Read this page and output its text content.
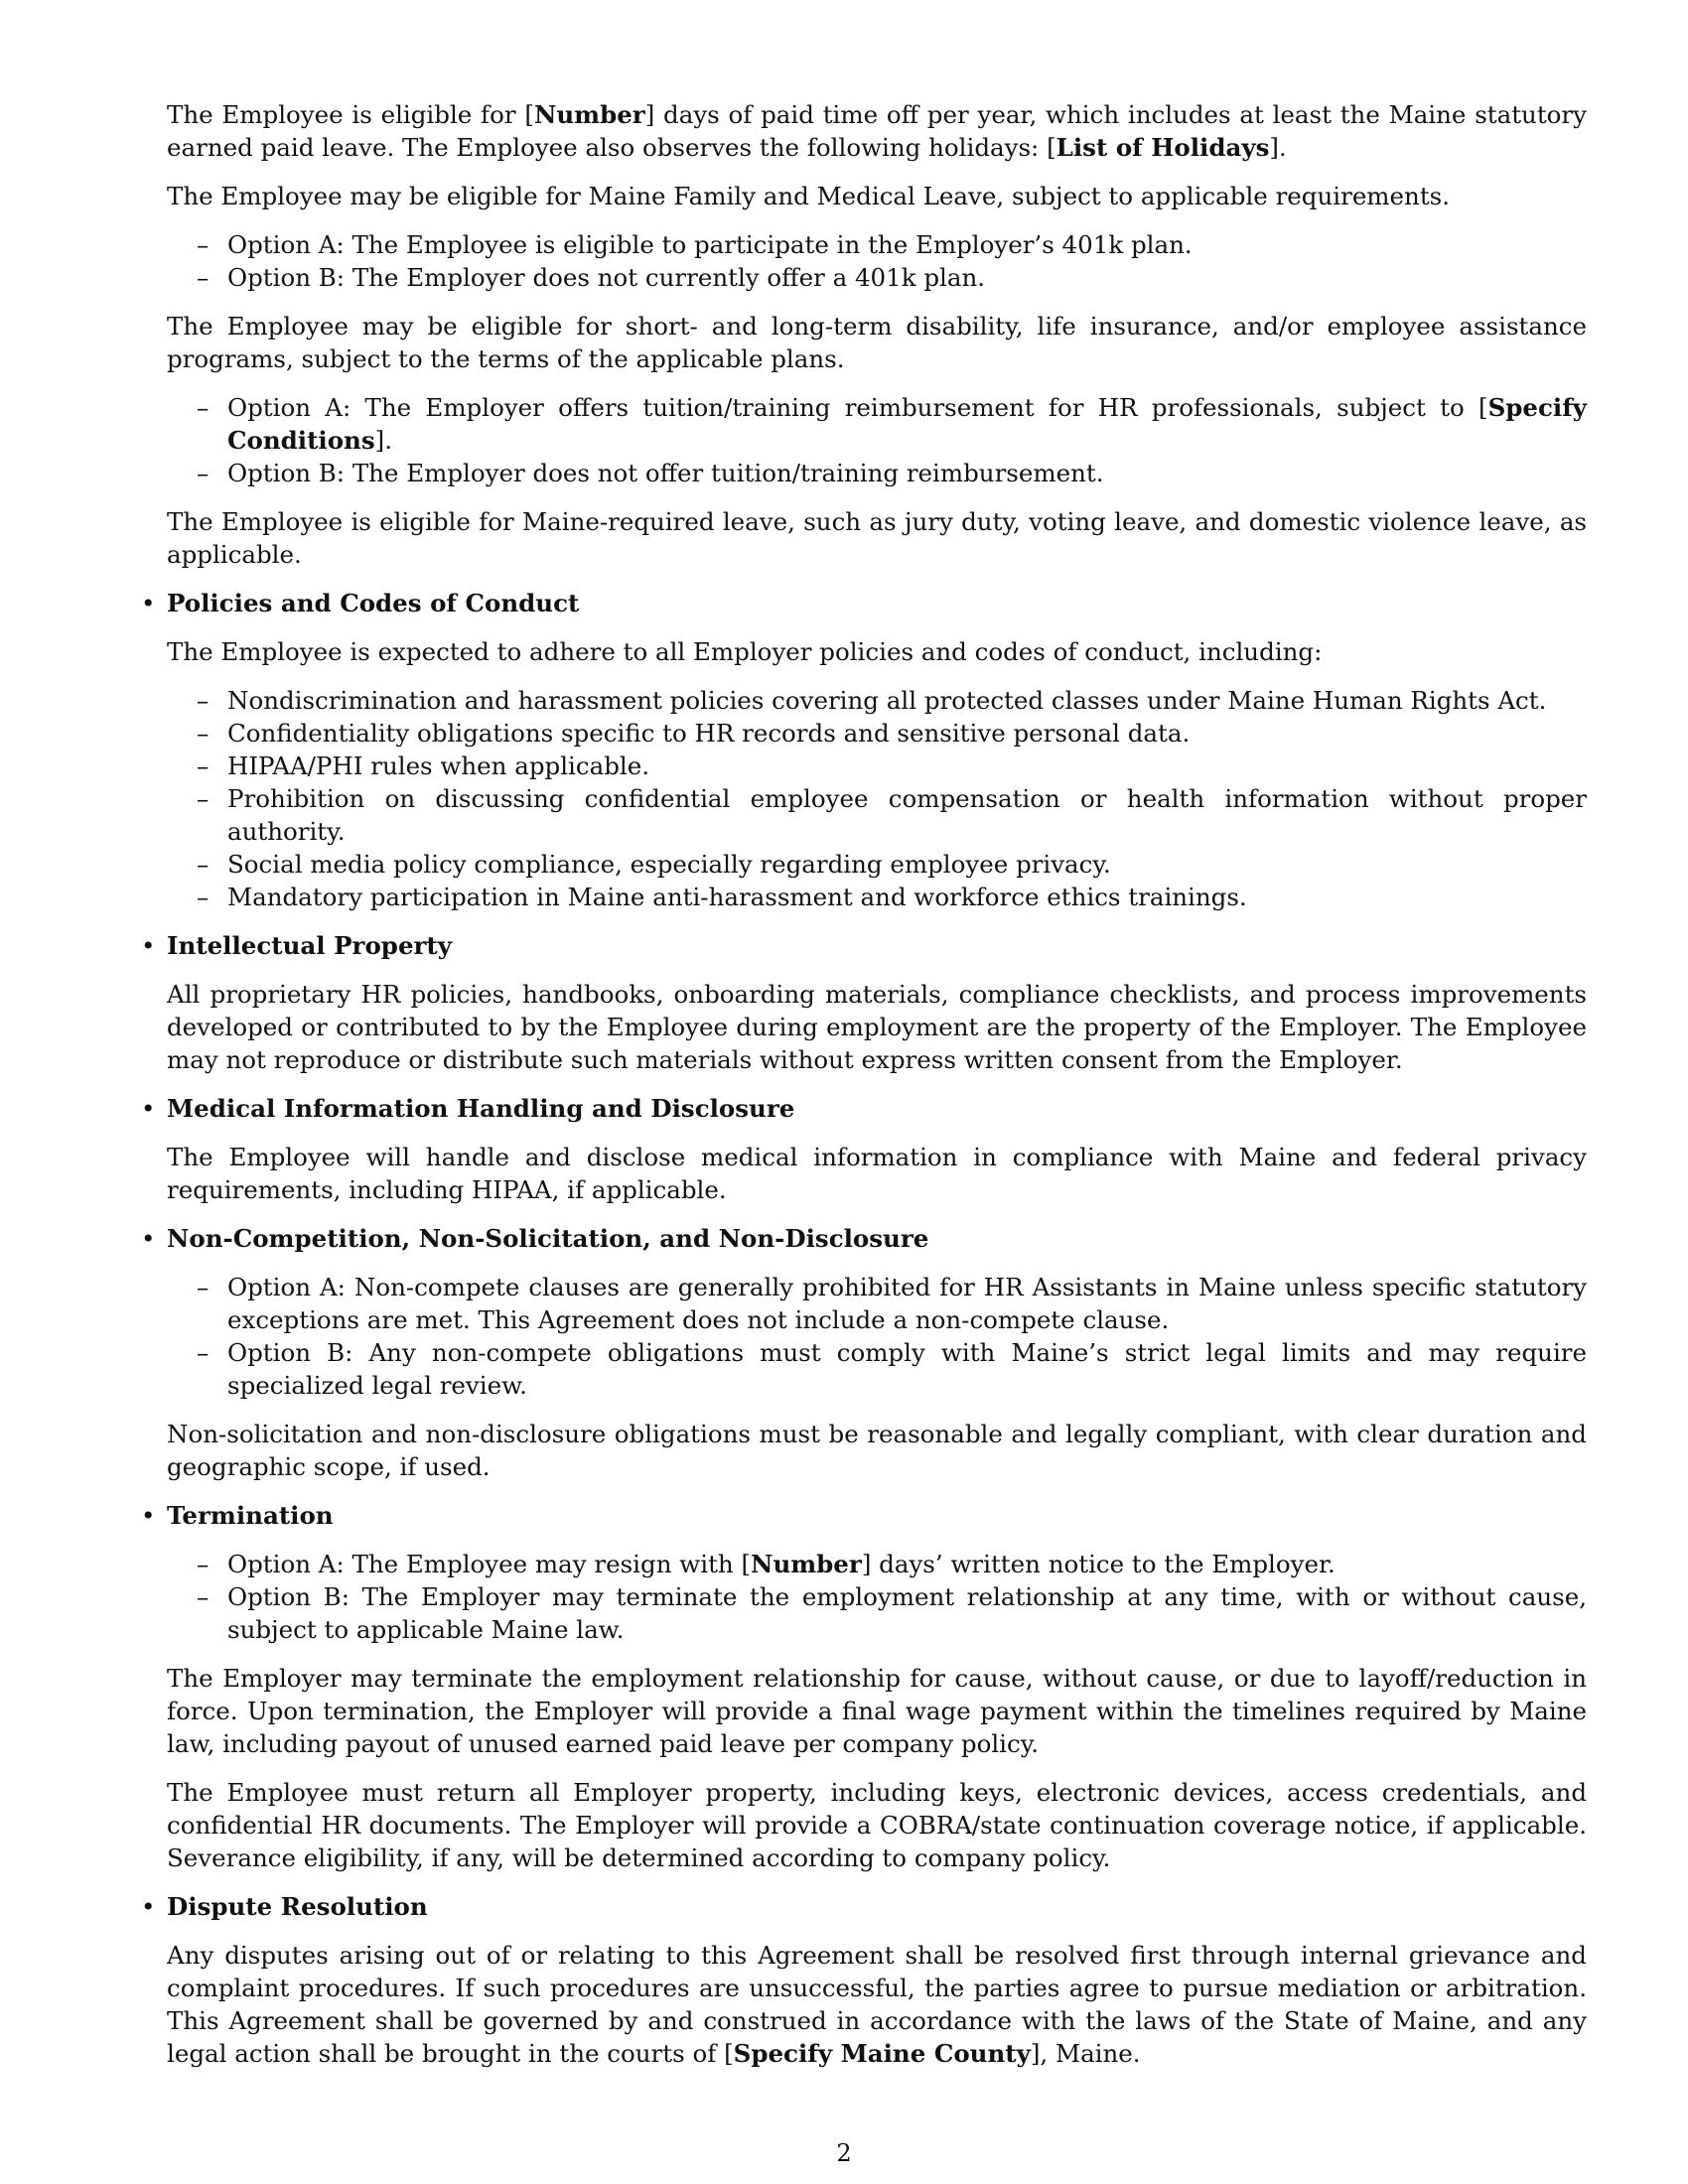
The Employee is eligible for [Number] days of paid time off per year, which includes at least the Maine statutory earned paid leave. The Employee also observes the following holidays: [List of Holidays].

The Employee may be eligible for Maine Family and Medical Leave, subject to applicable requirements.

– Option A: The Employee is eligible to participate in the Employer’s 401k plan.
– Option B: The Employer does not currently offer a 401k plan.

The Employee may be eligible for short- and long-term disability, life insurance, and/or employee assistance programs, subject to the terms of the applicable plans.

– Option A: The Employer offers tuition/training reimbursement for HR professionals, subject to [Specify Conditions].
– Option B: The Employer does not offer tuition/training reimbursement.

The Employee is eligible for Maine-required leave, such as jury duty, voting leave, and domestic violence leave, as applicable.

• Policies and Codes of Conduct

The Employee is expected to adhere to all Employer policies and codes of conduct, including:

– Nondiscrimination and harassment policies covering all protected classes under Maine Human Rights Act.
– Confidentiality obligations specific to HR records and sensitive personal data.
– HIPAA/PHI rules when applicable.
– Prohibition on discussing confidential employee compensation or health information without proper authority.
– Social media policy compliance, especially regarding employee privacy.
– Mandatory participation in Maine anti-harassment and workforce ethics trainings.
• Intellectual Property

All proprietary HR policies, handbooks, onboarding materials, compliance checklists, and process improvements developed or contributed to by the Employee during employment are the property of the Employer. The Employee may not reproduce or distribute such materials without express written consent from the Employer.

• Medical Information Handling and Disclosure

The Employee will handle and disclose medical information in compliance with Maine and federal privacy requirements, including HIPAA, if applicable.

• Non-Competition, Non-Solicitation, and Non-Disclosure
– Option A: Non-compete clauses are generally prohibited for HR Assistants in Maine unless specific statutory exceptions are met. This Agreement does not include a non-compete clause.
– Option B: Any non-compete obligations must comply with Maine’s strict legal limits and may require specialized legal review.

Non-solicitation and non-disclosure obligations must be reasonable and legally compliant, with clear duration and geographic scope, if used.

• Termination
– Option A: The Employee may resign with [Number] days’ written notice to the Employer.
– Option B: The Employer may terminate the employment relationship at any time, with or without cause, subject to applicable Maine law.

The Employer may terminate the employment relationship for cause, without cause, or due to layoff/reduction in force. Upon termination, the Employer will provide a final wage payment within the timelines required by Maine law, including payout of unused earned paid leave per company policy.

The Employee must return all Employer property, including keys, electronic devices, access credentials, and confidential HR documents. The Employer will provide a COBRA/state continuation coverage notice, if applicable. Severance eligibility, if any, will be determined according to company policy.

• Dispute Resolution

Any disputes arising out of or relating to this Agreement shall be resolved first through internal grievance and complaint procedures. If such procedures are unsuccessful, the parties agree to pursue mediation or arbitration. This Agreement shall be governed by and construed in accordance with the laws of the State of Maine, and any legal action shall be brought in the courts of [Specify Maine County], Maine.

2
